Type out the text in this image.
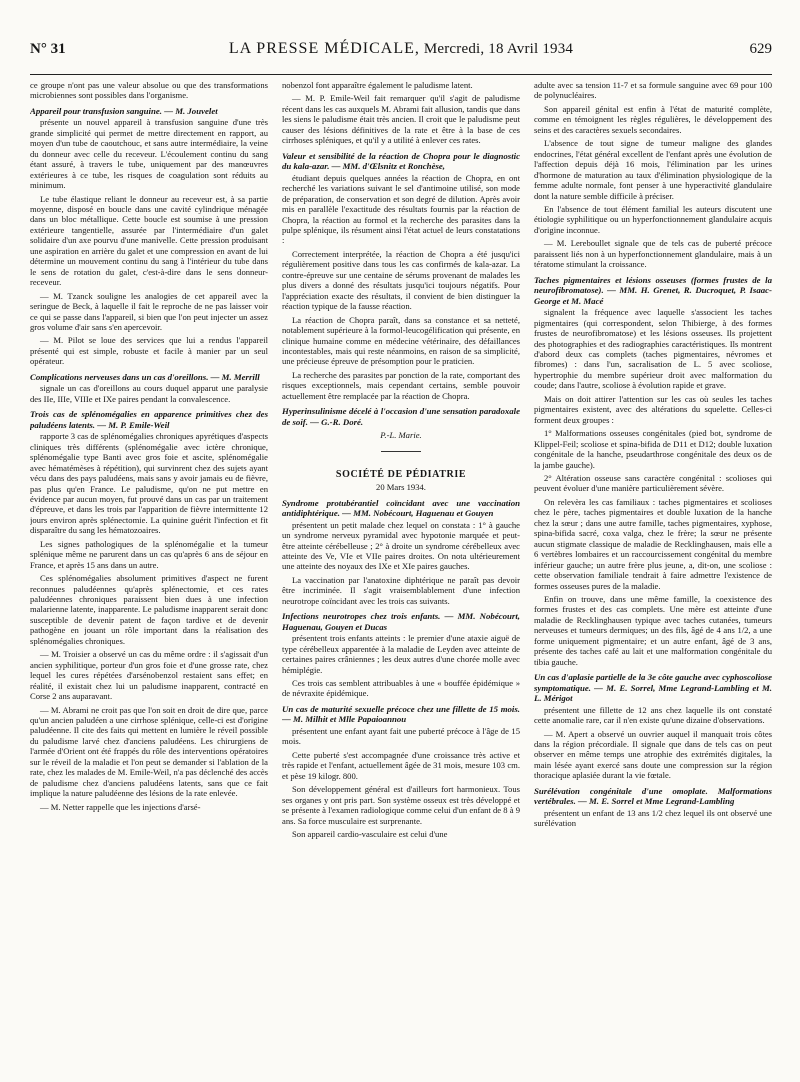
N° 31	LA PRESSE MÉDICALE, Mercredi, 18 Avril 1934	629

ce groupe n'ont pas une valeur absolue ou que des transformations microbiennes sont possibles dans l'organisme.

Appareil pour transfusion sanguine. — M. Jouvelet

présente un nouvel appareil à transfusion sanguine d'une très grande simplicité qui permet de mettre directement en rapport, au moyen d'un tube de caoutchouc, et sans autre intermédiaire, la veine du donneur avec celle du receveur. L'écoulement continu du sang étant assuré, à travers le tube, uniquement par des manœuvres extérieures à ce tube, les risques de coagulation sont réduits au minimum.

Le tube élastique reliant le donneur au receveur est, à sa partie moyenne, disposé en boucle dans une cavité cylindrique ménagée dans un bloc métallique. Cette boucle est soumise à une pression extérieure tangentielle, assurée par l'intermédiaire d'un galet solidaire d'un axe pourvu d'une manivelle. Cette pression produisant une aspiration en arrière du galet et une compression en avant de lui détermine un mouvement continu du sang à l'intérieur du tube dans le sens de rotation du galet, c'est-à-dire dans le sens donneur-receveur.

— M. Tzanck souligne les analogies de cet appareil avec la seringue de Beck, à laquelle il fait le reproche de ne pas laisser voir ce qui se passe dans l'appareil, si bien que l'on peut injecter un assez gros volume d'air sans s'en apercevoir.

— M. Pilot se loue des services que lui a rendus l'appareil présenté qui est simple, robuste et facile à manier par un seul opérateur.

Complications nerveuses dans un cas d'oreillons. — M. Merrill

signale un cas d'oreillons au cours duquel apparut une paralysie des IIe, IIIe, VIIIe et IXe paires pendant la convalescence.

Trois cas de splénomégalies en apparence primitives chez des paludéens latents. — M. P. Emile-Weil

rapporte 3 cas de splénomégalies chroniques apyrétiques d'aspects cliniques très différents (splénomégalie avec ictère chronique, splénomégalie type Banti avec gros foie et ascite, splénomégalie avec hématémèses à répétition), qui survinrent chez des sujets ayant vécu dans des pays paludéens, mais sans y avoir jamais eu de fièvre, pas plus qu'en France. Le paludisme, qu'on ne put mettre en évidence par aucun moyen, fut prouvé dans un cas par un traitement d'épreuve, et dans les trois par l'apparition de fièvre intermittente 12 jours environ après splénectomie. La quinine guérit l'infection et fit disparaître du sang les hématozoaires.

Les signes pathologiques de la splénomégalie et la tumeur splénique même ne parurent dans un cas qu'après 6 ans de séjour en France, et après 15 ans dans un autre.

Ces splénomégalies absolument primitives d'aspect ne furent reconnues paludéennes qu'après splénectomie, et ces rates paludéennes chroniques paraissent bien dues à une infection malarienne latente, inapparente. Le paludisme inapparent serait donc susceptible de devenir patent de façon tardive et de devenir pathogène en jouant un rôle important dans la réalisation des splénomégalies chroniques.

— M. Troisier a observé un cas du même ordre : il s'agissait d'un ancien syphilitique, porteur d'un gros foie et d'une grosse rate, chez lequel les cures répétées d'arsénobenzol restaient sans effet; en réalité, il existait chez lui un paludisme inapparent, contracté en Corse 2 ans auparavant.

— M. Abrami ne croit pas que l'on soit en droit de dire que, parce qu'un ancien paludéen a une cirrhose splénique, celle-ci est d'origine paludéenne. Il cite des faits qui mettent en lumière le réveil possible du paludisme larvé chez d'anciens paludéens. Les chirurgiens de l'armée d'Orient ont été frappés du rôle des interventions opératoires sur le réveil de la maladie et l'on peut se demander si l'ablation de la rate, chez les malades de M. Emile-Weil, n'a pas déclenché des accès de paludisme chez d'anciens paludéens latents, sans que ce fait implique la nature paludéenne des lésions de la rate enlevée.

— M. Netter rappelle que les injections d'arsé-

nobenzol font apparaître également le paludisme latent.

— M. P. Emile-Weil fait remarquer qu'il s'agit de paludisme récent dans les cas auxquels M. Abrami fait allusion, tandis que dans les siens le paludisme était très ancien. Il croit que le paludisme peut causer des lésions définitives de la rate et être à la base de ces cirrhoses spléniques, et qu'il y a utilité à enlever ces rates.

Valeur et sensibilité de la réaction de Chopra pour le diagnostic du kala-azar. — MM. d'Œlsnitz et Ronchèse,

étudiant depuis quelques années la réaction de Chopra, en ont recherché les variations suivant le sel d'antimoine utilisé, son mode de préparation, de conservation et son degré de dilution. Après avoir mis en parallèle l'exactitude des résultats fournis par la réaction de Chopra, la réaction au formol et la recherche des parasites dans la pulpe splénique, ils résument ainsi l'état actuel de leurs constatations :

Correctement interprétée, la réaction de Chopra a été jusqu'ici régulièrement positive dans tous les cas confirmés de kala-azar. La contre-épreuve sur une centaine de sérums provenant de malades les plus divers a donné des résultats jusqu'ici toujours négatifs. Pour l'appréciation exacte des résultats, il convient de bien distinguer la réaction typique de la fausse réaction.

La réaction de Chopra paraît, dans sa constance et sa netteté, notablement supérieure à la formol-leucogélification qui présente, en clinique humaine comme en médecine vétérinaire, des défaillances incontestables, mais qui reste néanmoins, en raison de sa simplicité, une précieuse épreuve de présomption pour le praticien.

La recherche des parasites par ponction de la rate, comportant des risques exceptionnels, mais cependant certains, semble pouvoir actuellement être remplacée par la réaction de Chopra.

Hyperinsulinisme décelé à l'occasion d'une sensation paradoxale de soif. — G.-R. Doré.

P.-L. Marie.

SOCIÉTÉ DE PÉDIATRIE
20 Mars 1934.
Syndrome protubérantiel coïncidant avec une vaccination antidiphtérique. — MM. Nobécourt, Haguenau et Gouyen

présentent un petit malade chez lequel on constata : 1° à gauche un syndrome nerveux pyramidal avec hypotonie marquée et peut-être atteinte cérébelleuse ; 2° à droite un syndrome cérébelleux avec atteinte des Ve, VIe et VIIe paires droites. On nota ultérieurement une atteinte des noyaux des IXe et XIe paires gauches.

La vaccination par l'anatoxine diphtérique ne paraît pas devoir être incriminée. Il s'agit vraisemblablement d'une infection neurotrope coïncidant avec les trois cas suivants.

Infections neurotropes chez trois enfants. — MM. Nobécourt, Haguenau, Gouyen et Ducas

présentent trois enfants atteints : le premier d'une ataxie aiguë de type cérébelleux apparentée à la maladie de Leyden avec atteinte de certaines paires crâniennes ; les deux autres d'une chorée molle avec hémiplégie.

Ces trois cas semblent attribuables à une « bouffée épidémique » de névraxite épidémique.

Un cas de maturité sexuelle précoce chez une fillette de 15 mois. — M. Milhit et Mlle Papaioannou

présentent une enfant ayant fait une puberté précoce à l'âge de 15 mois.

Cette puberté s'est accompagnée d'une croissance très active et très rapide et l'enfant, actuellement âgée de 31 mois, mesure 103 cm. et pèse 19 kilogr. 800.

Son développement général est d'ailleurs fort harmonieux. Tous ses organes y ont pris part. Son système osseux est très développé et se présente à l'examen radiologique comme celui d'un enfant de 8 à 9 ans. Sa force musculaire est surprenante.

Son appareil cardio-vasculaire est celui d'une

adulte avec sa tension 11-7 et sa formule sanguine avec 69 pour 100 de polynucléaires.

Son appareil génital est enfin à l'état de maturité complète, comme en témoignent les règles régulières, le développement des seins et des caractères sexuels secondaires.

L'absence de tout signe de tumeur maligne des glandes endocrines, l'état général excellent de l'enfant après une évolution de l'affection depuis déjà 16 mois, l'élimination par les urines d'hormone de maturation au taux d'élimination physiologique de la femme adulte normale, font penser à une hyperactivité glandulaire dont la nature semble difficile à préciser.

En l'absence de tout élément familial les auteurs discutent une étiologie syphilitique ou un hyperfonctionnement glandulaire acquis d'origine inconnue.

— M. Lereboullet signale que de tels cas de puberté précoce paraissent liés non à un hyperfonctionnement glandulaire, mais à un tératome stimulant la croissance.

Taches pigmentaires et lésions osseuses (formes frustes de la neurofibromatose). — MM. H. Grenet, R. Ducroquet, P. Isaac-George et M. Macé

signalent la fréquence avec laquelle s'associent les taches pigmentaires (qui correspondent, selon Thibierge, à des formes frustes de neurofibromatose) et les lésions osseuses. Ils projettent des photographies et des radiographies caractéristiques. Ils montrent d'abord deux cas complets (taches pigmentaires, névromes et fibromes) : dans l'un, sacralisation de L. 5 avec scoliose, hypertrophie du membre supérieur droit avec malformation du coude; dans l'autre, scoliose à évolution rapide et grave.

Mais on doit attirer l'attention sur les cas où seules les taches pigmentaires existent, avec des altérations du squelette. Celles-ci forment deux groupes :

1° Malformations osseuses congénitales (pied bot, syndrome de Klippel-Feil; scoliose et spina-bifida de D11 et D12; double luxation congénitale de la hanche, pseudarthrose congénitale des deux os de la jambe gauche).

2° Altération osseuse sans caractère congénital : scolioses qui peuvent évoluer d'une manière particulièrement sévère.

On relevèra les cas familiaux : taches pigmentaires et scolioses chez le père, taches pigmentaires et double luxation de la hanche chez la sœur ; dans une autre famille, taches pigmentaires, xyphose, spina-bifida sacré, coxa valga, chez le frère; la sœur ne présente aucun stigmate classique de maladie de Recklinghausen, mais elle a 6 vertèbres lombaires et un raccourcissement congénital du membre inférieur gauche; un autre frère plus jeune, a, dit-on, une scoliose : cette observation familiale tendrait à faire admettre l'existence de formes osseuses pures de la maladie.

Enfin on trouve, dans une même famille, la coexistence des formes frustes et des cas complets. Une mère est atteinte d'une maladie de Recklinghausen typique avec taches cutanées, tumeurs nerveuses et tumeurs dermiques; un des fils, âgé de 4 ans 1/2, a une forme uniquement pigmentaire; et un autre enfant, âgé de 3 ans, présente des taches café au lait et une malformation congénitale du tibia gauche.

Un cas d'aplasie partielle de la 3e côte gauche avec cyphoscoliose symptomatique. — M. E. Sorrel, Mme Legrand-Lambling et M. L. Mérigot

présentent une fillette de 12 ans chez laquelle ils ont constaté cette anomalie rare, car il n'en existe qu'une dizaine d'observations.

— M. Apert a observé un ouvrier auquel il manquait trois côtes dans la région précordiale. Il signale que dans de tels cas on peut observer en même temps une atrophie des extrémités digitales, la main lésée ayant exercé sans doute une compression sur la région thoracique aplasiée durant la vie fœtale.

Surélévation congénitale d'une omoplate. Malformations vertébrales. — M. E. Sorrel et Mme Legrand-Lambling

présentent un enfant de 13 ans 1/2 chez lequel ils ont observé une surélévation
